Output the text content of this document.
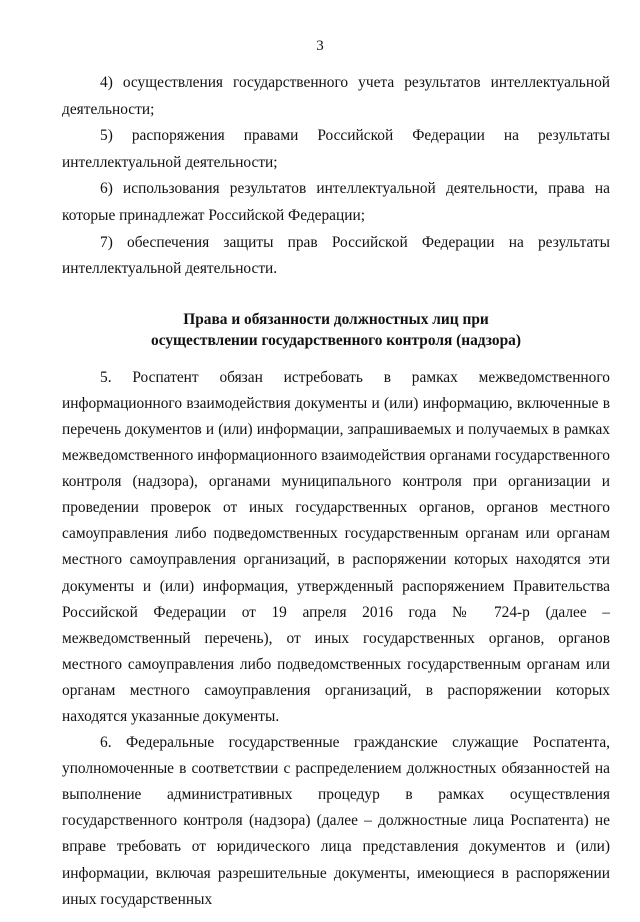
3

4) осуществления государственного учета результатов интеллектуальной деятельности;

5) распоряжения правами Российской Федерации на результаты интеллектуальной деятельности;

6) использования результатов интеллектуальной деятельности, права на которые принадлежат Российской Федерации;

7) обеспечения защиты прав Российской Федерации на результаты интеллектуальной деятельности.

Права и обязанности должностных лиц при
осуществлении государственного контроля (надзора)

5. Роспатент обязан истребовать в рамках межведомственного информационного взаимодействия документы и (или) информацию, включенные в перечень документов и (или) информации, запрашиваемых и получаемых в рамках межведомственного информационного взаимодействия органами государственного контроля (надзора), органами муниципального контроля при организации и проведении проверок от иных государственных органов, органов местного самоуправления либо подведомственных государственным органам или органам местного самоуправления организаций, в распоряжении которых находятся эти документы и (или) информация, утвержденный распоряжением Правительства Российской Федерации от 19 апреля 2016 года № 724-р (далее – межведомственный перечень), от иных государственных органов, органов местного самоуправления либо подведомственных государственным органам или органам местного самоуправления организаций, в распоряжении которых находятся указанные документы.

6. Федеральные государственные гражданские служащие Роспатента, уполномоченные в соответствии с распределением должностных обязанностей на выполнение административных процедур в рамках осуществления государственного контроля (надзора) (далее – должностные лица Роспатента) не вправе требовать от юридического лица представления документов и (или) информации, включая разрешительные документы, имеющиеся в распоряжении иных государственных
